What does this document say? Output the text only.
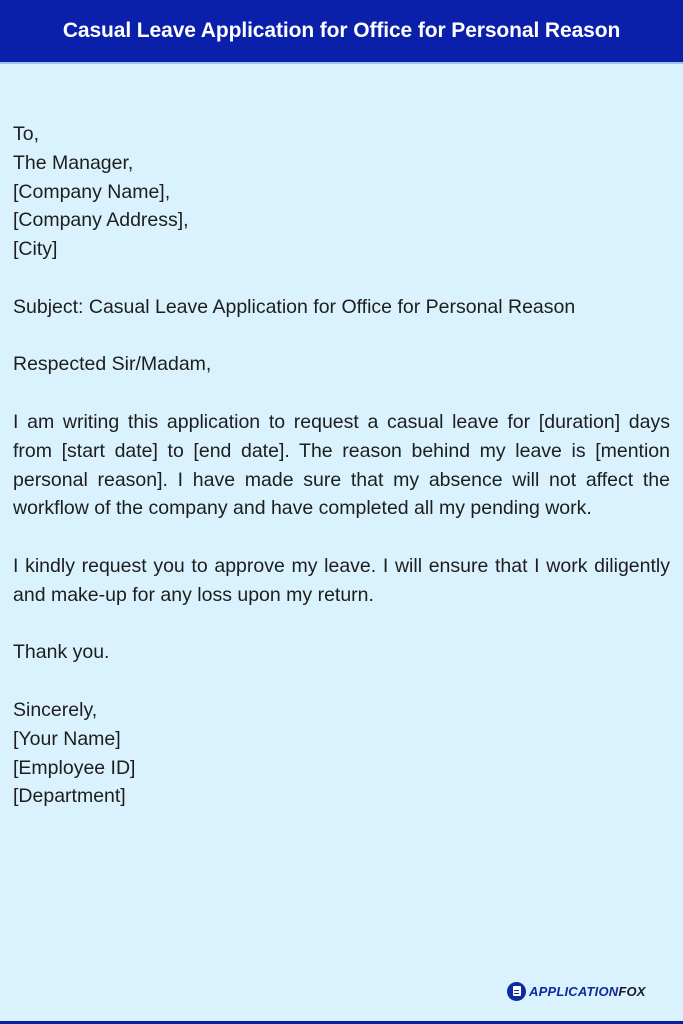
Casual Leave Application for Office for Personal Reason

To,
The Manager,
[Company Name],
[Company Address],
[City]

Subject: Casual Leave Application for Office for Personal Reason

Respected Sir/Madam,

I am writing this application to request a casual leave for [duration] days from [start date] to [end date]. The reason behind my leave is [mention personal reason]. I have made sure that my absence will not affect the workflow of the company and have completed all my pending work.

I kindly request you to approve my leave. I will ensure that I work diligently and make-up for any loss upon my return.

Thank you.

Sincerely,
[Your Name]
[Employee ID]
[Department]

APPLICATION FOX
